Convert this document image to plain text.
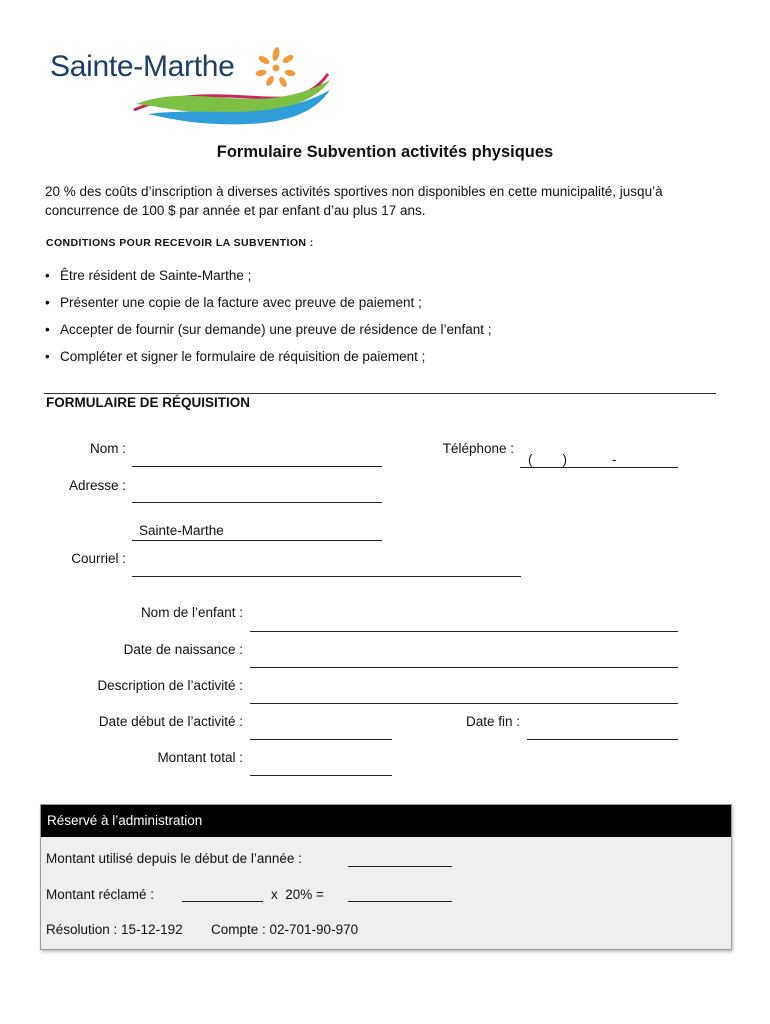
Sainte-Marthe
Formulaire Subvention activités physiques
20 % des coûts d’inscription à diverses activités sportives non disponibles en cette municipalité, jusqu’à concurrence de 100 $ par année et par enfant d’au plus 17 ans.
CONDITIONS POUR RECEVOIR LA SUBVENTION :
• Être résident de Sainte-Marthe ;
• Présenter une copie de la facture avec preuve de paiement ;
• Accepter de fournir (sur demande) une preuve de résidence de l’enfant ;
• Compléter et signer le formulaire de réquisition de paiement ;
FORMULAIRE DE RÉQUISITION
Nom :	Téléphone :
(        )            -
Adresse :
Sainte-Marthe
Courriel :
Nom de l’enfant :
Date de naissance :
Description de l’activité :
Date début de l’activité :	Date fin :
Montant total :
Réservé à l’administration
Montant utilisé depuis le début de l’année :
Montant réclamé :	x  20% =
Résolution : 15-12-192 Compte : 02-701-90-970
